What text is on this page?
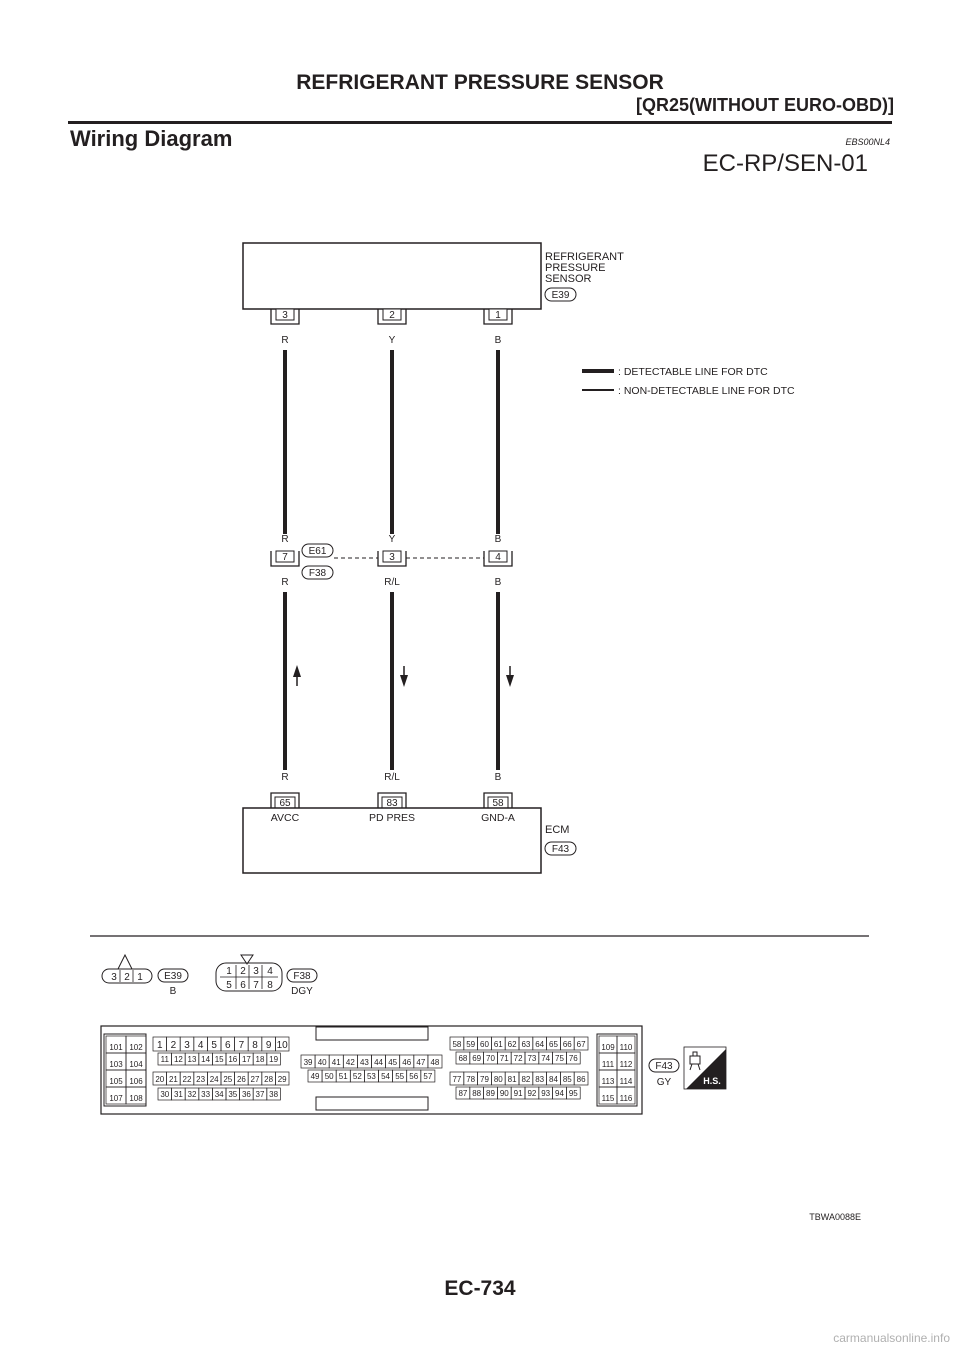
REFRIGERANT PRESSURE SENSOR
[QR25(WITHOUT EURO-OBD)]
Wiring Diagram	EBS00NL4
EC-RP/SEN-01
REFRIGERANT
PRESSURE
SENSOR
E39
3	2	1
R	Y	B
: DETECTABLE LINE FOR DTC
: NON-DETECTABLE LINE FOR DTC
R	Y	B
7	3	4
E61
F38
R	R/L	B
R	R/L	B
65	83	58
AVCC	PD PRES	GND-A
ECM
F43
3 2 1 E39
B
1 2 3 4
5 6 7 8
F38
DGY
101 102
103 104
105 106
107 108
109 110
111 112
113 114
115 116
1 2 3 4 5 6 7 8 9 10
11 12 13 14 15 16 17 18 19
20 21 22 23 24 25 26 27 28 29
30 31 32 33 34 35 36 37 38
39 40 41 42 43 44 45 46 47 48
49 50 51 52 53 54 55 56 57
58 59 60 61 62 63 64 65 66 67
68 69 70 71 72 73 74 75 76
77 78 79 80 81 82 83 84 85 86
87 88 89 90 91 92 93 94 95
F43
GY	H.S.
TBWA0088E
EC-734
carmanualsonline.info
